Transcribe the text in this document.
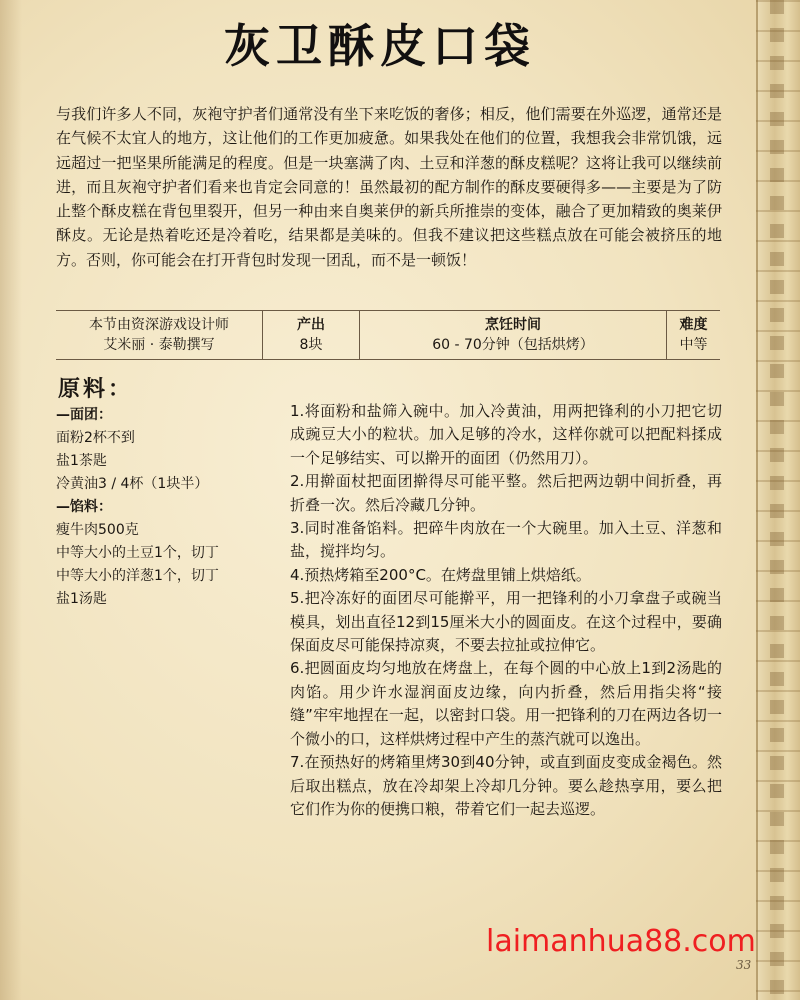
灰卫酥皮口袋

与我们许多人不同，灰袍守护者们通常没有坐下来吃饭的奢侈；相反，他们需要在外巡逻，通常还是在气候不太宜人的地方，这让他们的工作更加疲惫。如果我处在他们的位置，我想我会非常饥饿，远远超过一把坚果所能满足的程度。但是一块塞满了肉、土豆和洋葱的酥皮糕呢？这将让我可以继续前进，而且灰袍守护者们看来也肯定会同意的！虽然最初的配方制作的酥皮要硬得多——主要是为了防止整个酥皮糕在背包里裂开，但另一种由来自奥莱伊的新兵所推崇的变体，融合了更加精致的奥莱伊酥皮。无论是热着吃还是冷着吃，结果都是美味的。但我不建议把这些糕点放在可能会被挤压的地方。否则，你可能会在打开背包时发现一团乱，而不是一顿饭！

本节由资深游戏设计师
艾米丽 · 泰勒撰写
产出
8块
烹饪时间
60 - 70分钟（包括烘烤）
难度
中等
原料：
—面团：
面粉2杯不到
盐1茶匙
冷黄油3 / 4杯（1块半）
—馅料：
瘦牛肉500克
中等大小的土豆1个，切丁
中等大小的洋葱1个，切丁
盐1汤匙
1.将面粉和盐筛入碗中。加入冷黄油，用两把锋利的小刀把它切成豌豆大小的粒状。加入足够的冷水，这样你就可以把配料揉成一个足够结实、可以擀开的面团（仍然用刀）。
2.用擀面杖把面团擀得尽可能平整。然后把两边朝中间折叠，再折叠一次。然后冷藏几分钟。
3.同时准备馅料。把碎牛肉放在一个大碗里。加入土豆、洋葱和盐，搅拌均匀。
4.预热烤箱至200°C。在烤盘里铺上烘焙纸。
5.把冷冻好的面团尽可能擀平，用一把锋利的小刀拿盘子或碗当模具，划出直径12到15厘米大小的圆面皮。在这个过程中，要确保面皮尽可能保持凉爽，不要去拉扯或拉伸它。
6.把圆面皮均匀地放在烤盘上，在每个圆的中心放上1到2汤匙的肉馅。用少许水湿润面皮边缘，向内折叠，然后用指尖将“接缝”牢牢地捏在一起，以密封口袋。用一把锋利的刀在两边各切一个微小的口，这样烘烤过程中产生的蒸汽就可以逸出。
7.在预热好的烤箱里烤30到40分钟，或直到面皮变成金褐色。然后取出糕点，放在冷却架上冷却几分钟。要么趁热享用，要么把它们作为你的便携口粮，带着它们一起去巡逻。
laimanhua88.com
33
